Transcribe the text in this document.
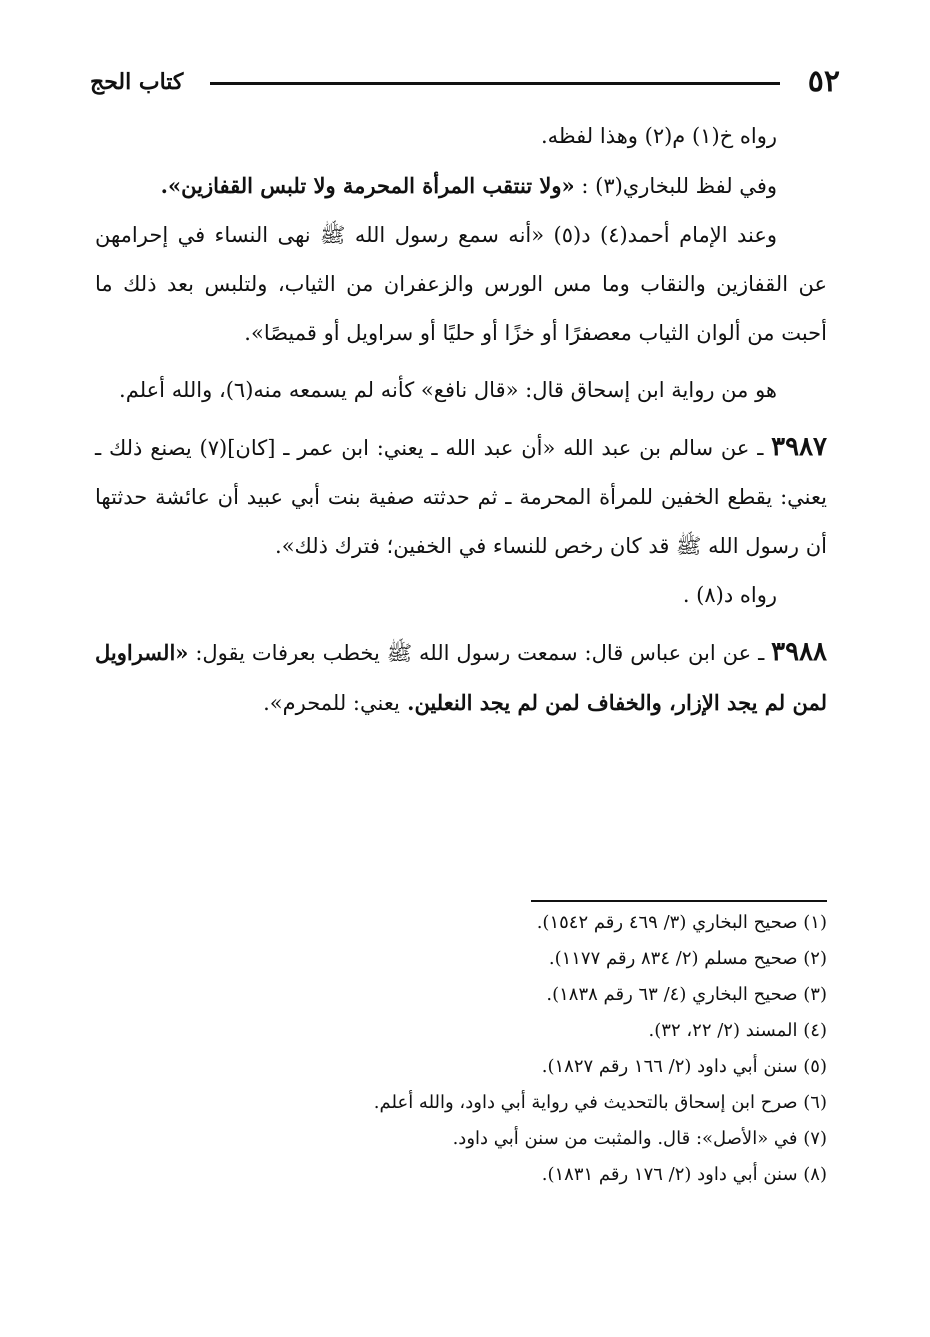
٥٢
كتاب الحج

رواه خ(١) م(٢) وهذا لفظه.

وفي لفظ للبخاري(٣) : «ولا تنتقب المرأة المحرمة ولا تلبس القفازين».

وعند الإمام أحمد(٤) د(٥) «أنه سمع رسول الله ﷺ نهى النساء في إحرامهن عن القفازين والنقاب وما مس الورس والزعفران من الثياب، ولتلبس بعد ذلك ما أحبت من ألوان الثياب معصفرًا أو خزًا أو حليًا أو سراويل أو قميصًا».

هو من رواية ابن إسحاق قال: «قال نافع» كأنه لم يسمعه منه(٦)، والله أعلم.

٣٩٨٧ ـ عن سالم بن عبد الله «أن عبد الله ـ يعني: ابن عمر ـ [كان](٧) يصنع ذلك ـ يعني: يقطع الخفين للمرأة المحرمة ـ ثم حدثته صفية بنت أبي عبيد أن عائشة حدثتها أن رسول الله ﷺ قد كان رخص للنساء في الخفين؛ فترك ذلك».

رواه د(٨) .

٣٩٨٨ ـ عن ابن عباس قال: سمعت رسول الله ﷺ يخطب بعرفات يقول: «السراويل لمن لم يجد الإزار، والخفاف لمن لم يجد النعلين. يعني: للمحرم».

(١) صحيح البخاري (٣/ ٤٦٩ رقم ١٥٤٢).

(٢) صحيح مسلم (٢/ ٨٣٤ رقم ١١٧٧).

(٣) صحيح البخاري (٤/ ٦٣ رقم ١٨٣٨).

(٤) المسند (٢/ ٢٢، ٣٢).

(٥) سنن أبي داود (٢/ ١٦٦ رقم ١٨٢٧).

(٦) صرح ابن إسحاق بالتحديث في رواية أبي داود، والله أعلم.

(٧) في «الأصل»: قال. والمثبت من سنن أبي داود.

(٨) سنن أبي داود (٢/ ١٧٦ رقم ١٨٣١).
